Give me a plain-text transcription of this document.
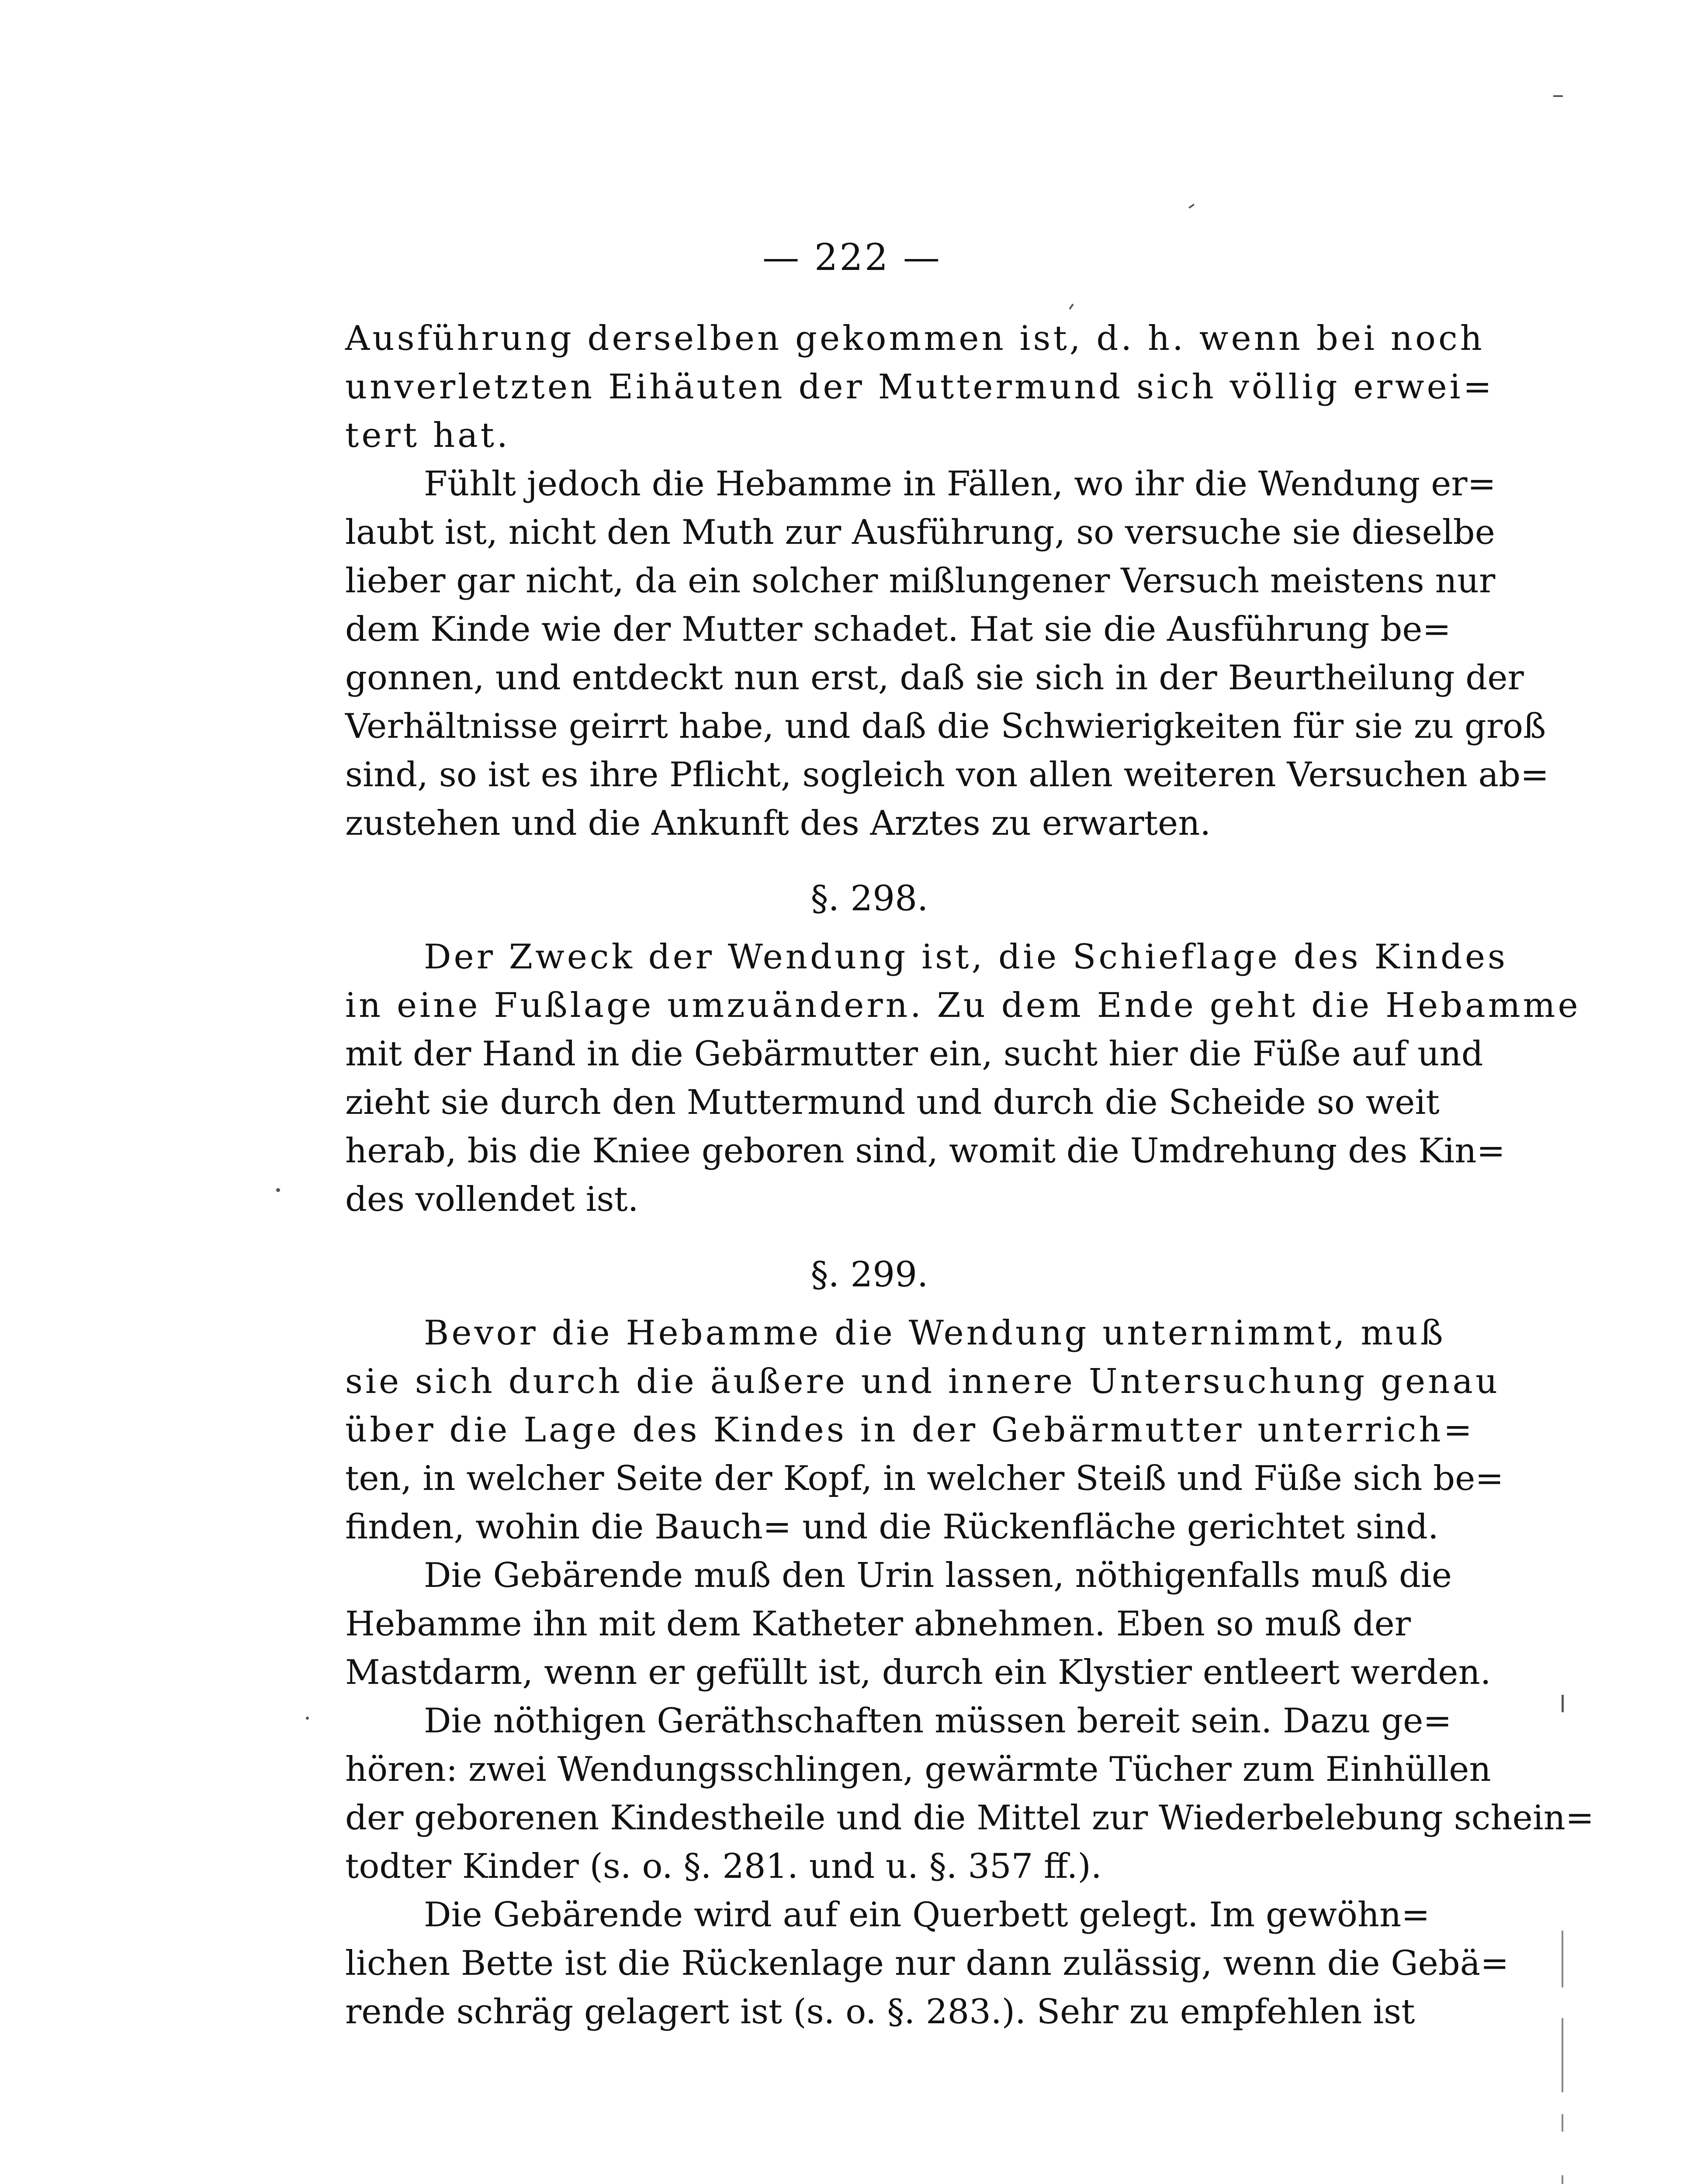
— 222 —
Ausführung derselben gekommen ist, d. h. wenn bei noch
unverletzten Eihäuten der Muttermund sich völlig erwei=
tert hat.
Fühlt jedoch die Hebamme in Fällen, wo ihr die Wendung er=
laubt ist, nicht den Muth zur Ausführung, so versuche sie dieselbe
lieber gar nicht, da ein solcher mißlungener Versuch meistens nur
dem Kinde wie der Mutter schadet. Hat sie die Ausführung be=
gonnen, und entdeckt nun erst, daß sie sich in der Beurtheilung der
Verhältnisse geirrt habe, und daß die Schwierigkeiten für sie zu groß
sind, so ist es ihre Pflicht, sogleich von allen weiteren Versuchen ab=
zustehen und die Ankunft des Arztes zu erwarten.
§. 298.
Der Zweck der Wendung ist, die Schieflage des Kindes
in eine Fußlage umzuändern. Zu dem Ende geht die Hebamme
mit der Hand in die Gebärmutter ein, sucht hier die Füße auf und
zieht sie durch den Muttermund und durch die Scheide so weit
herab, bis die Kniee geboren sind, womit die Umdrehung des Kin=
des vollendet ist.
§. 299.
Bevor die Hebamme die Wendung unternimmt, muß
sie sich durch die äußere und innere Untersuchung genau
über die Lage des Kindes in der Gebärmutter unterrich=
ten, in welcher Seite der Kopf, in welcher Steiß und Füße sich be=
finden, wohin die Bauch= und die Rückenfläche gerichtet sind.
Die Gebärende muß den Urin lassen, nöthigenfalls muß die
Hebamme ihn mit dem Katheter abnehmen. Eben so muß der
Mastdarm, wenn er gefüllt ist, durch ein Klystier entleert werden.
Die nöthigen Geräthschaften müssen bereit sein. Dazu ge=
hören: zwei Wendungsschlingen, gewärmte Tücher zum Einhüllen
der geborenen Kindestheile und die Mittel zur Wiederbelebung schein=
todter Kinder (s. o. §. 281. und u. §. 357 ff.).
Die Gebärende wird auf ein Querbett gelegt. Im gewöhn=
lichen Bette ist die Rückenlage nur dann zulässig, wenn die Gebä=
rende schräg gelagert ist (s. o. §. 283.). Sehr zu empfehlen ist
